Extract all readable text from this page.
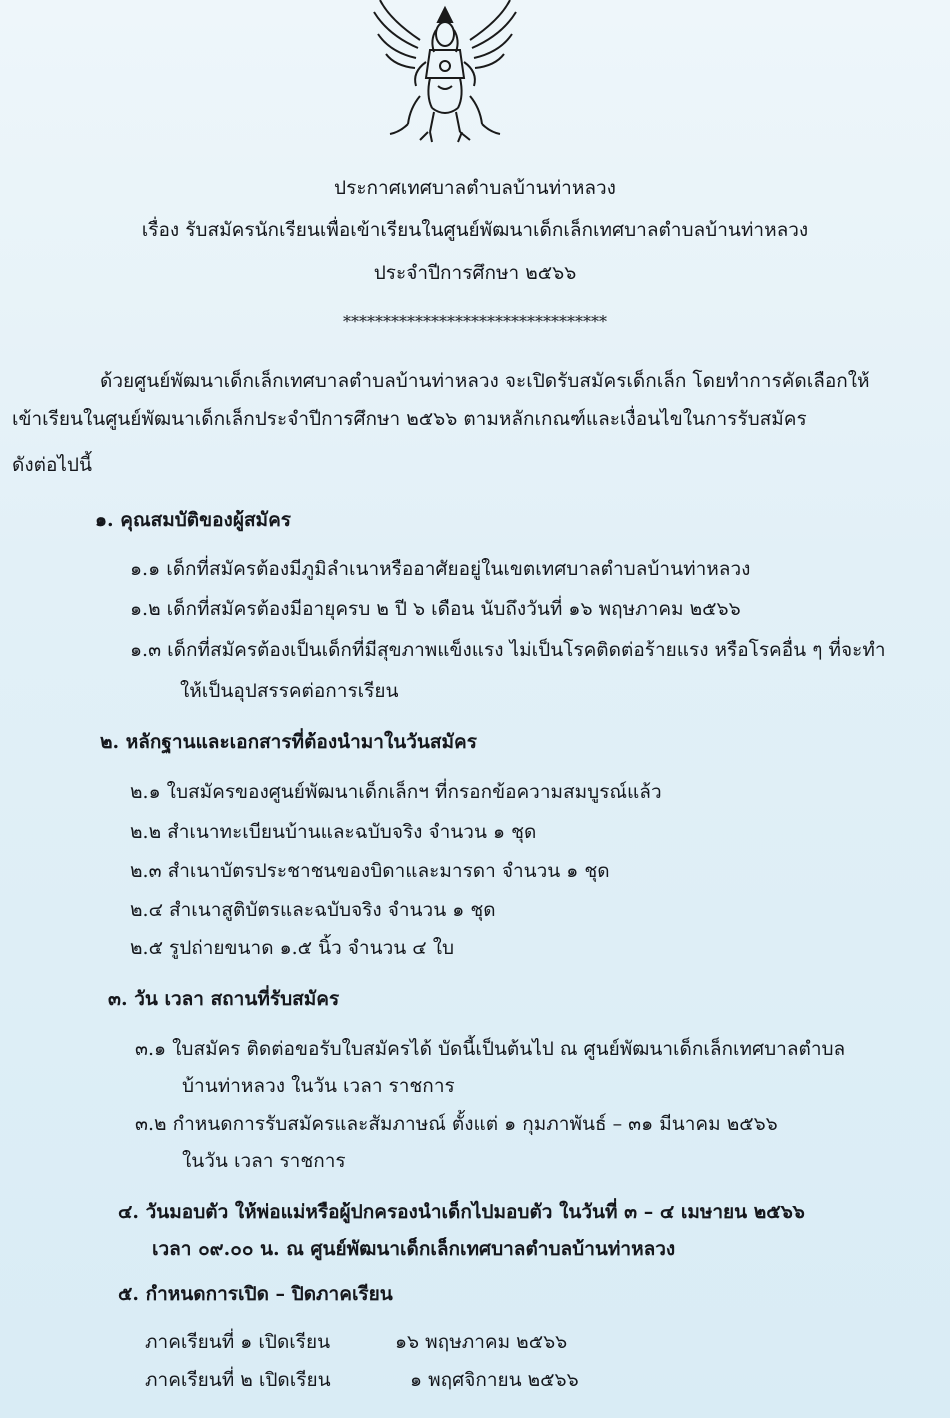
ประกาศเทศบาลตำบลบ้านท่าหลวง
เรื่อง รับสมัครนักเรียนเพื่อเข้าเรียนในศูนย์พัฒนาเด็กเล็กเทศบาลตำบลบ้านท่าหลวง
ประจำปีการศึกษา ๒๕๖๖
*********************************
ด้วยศูนย์พัฒนาเด็กเล็กเทศบาลตำบลบ้านท่าหลวง จะเปิดรับสมัครเด็กเล็ก โดยทำการคัดเลือกให้
เข้าเรียนในศูนย์พัฒนาเด็กเล็กประจำปีการศึกษา ๒๕๖๖ ตามหลักเกณฑ์และเงื่อนไขในการรับสมัคร
ดังต่อไปนี้
๑. คุณสมบัติของผู้สมัคร
๑.๑ เด็กที่สมัครต้องมีภูมิลำเนาหรืออาศัยอยู่ในเขตเทศบาลตำบลบ้านท่าหลวง
๑.๒ เด็กที่สมัครต้องมีอายุครบ ๒ ปี ๖ เดือน นับถึงวันที่ ๑๖ พฤษภาคม ๒๕๖๖
๑.๓ เด็กที่สมัครต้องเป็นเด็กที่มีสุขภาพแข็งแรง ไม่เป็นโรคติดต่อร้ายแรง หรือโรคอื่น ๆ ที่จะทำ
ให้เป็นอุปสรรคต่อการเรียน
๒. หลักฐานและเอกสารที่ต้องนำมาในวันสมัคร
๒.๑ ใบสมัครของศูนย์พัฒนาเด็กเล็กฯ ที่กรอกข้อความสมบูรณ์แล้ว
๒.๒ สำเนาทะเบียนบ้านและฉบับจริง จำนวน ๑ ชุด
๒.๓ สำเนาบัตรประชาชนของบิดาและมารดา จำนวน ๑ ชุด
๒.๔ สำเนาสูติบัตรและฉบับจริง จำนวน ๑ ชุด
๒.๕ รูปถ่ายขนาด ๑.๕ นิ้ว จำนวน ๔ ใบ
๓. วัน เวลา สถานที่รับสมัคร
๓.๑ ใบสมัคร ติดต่อขอรับใบสมัครได้ บัดนี้เป็นต้นไป ณ ศูนย์พัฒนาเด็กเล็กเทศบาลตำบล
บ้านท่าหลวง ในวัน เวลา ราชการ
๓.๒ กำหนดการรับสมัครและสัมภาษณ์ ตั้งแต่ ๑ กุมภาพันธ์ – ๓๑ มีนาคม ๒๕๖๖
ในวัน เวลา ราชการ
๔. วันมอบตัว ให้พ่อแม่หรือผู้ปกครองนำเด็กไปมอบตัว ในวันที่ ๓ – ๔ เมษายน ๒๕๖๖
เวลา ๐๙.๐๐ น. ณ ศูนย์พัฒนาเด็กเล็กเทศบาลตำบลบ้านท่าหลวง
๕. กำหนดการเปิด – ปิดภาคเรียน
ภาคเรียนที่ ๑ เปิดเรียน	๑๖ พฤษภาคม ๒๕๖๖
ภาคเรียนที่ ๒ เปิดเรียน	๑ พฤศจิกายน ๒๕๖๖
